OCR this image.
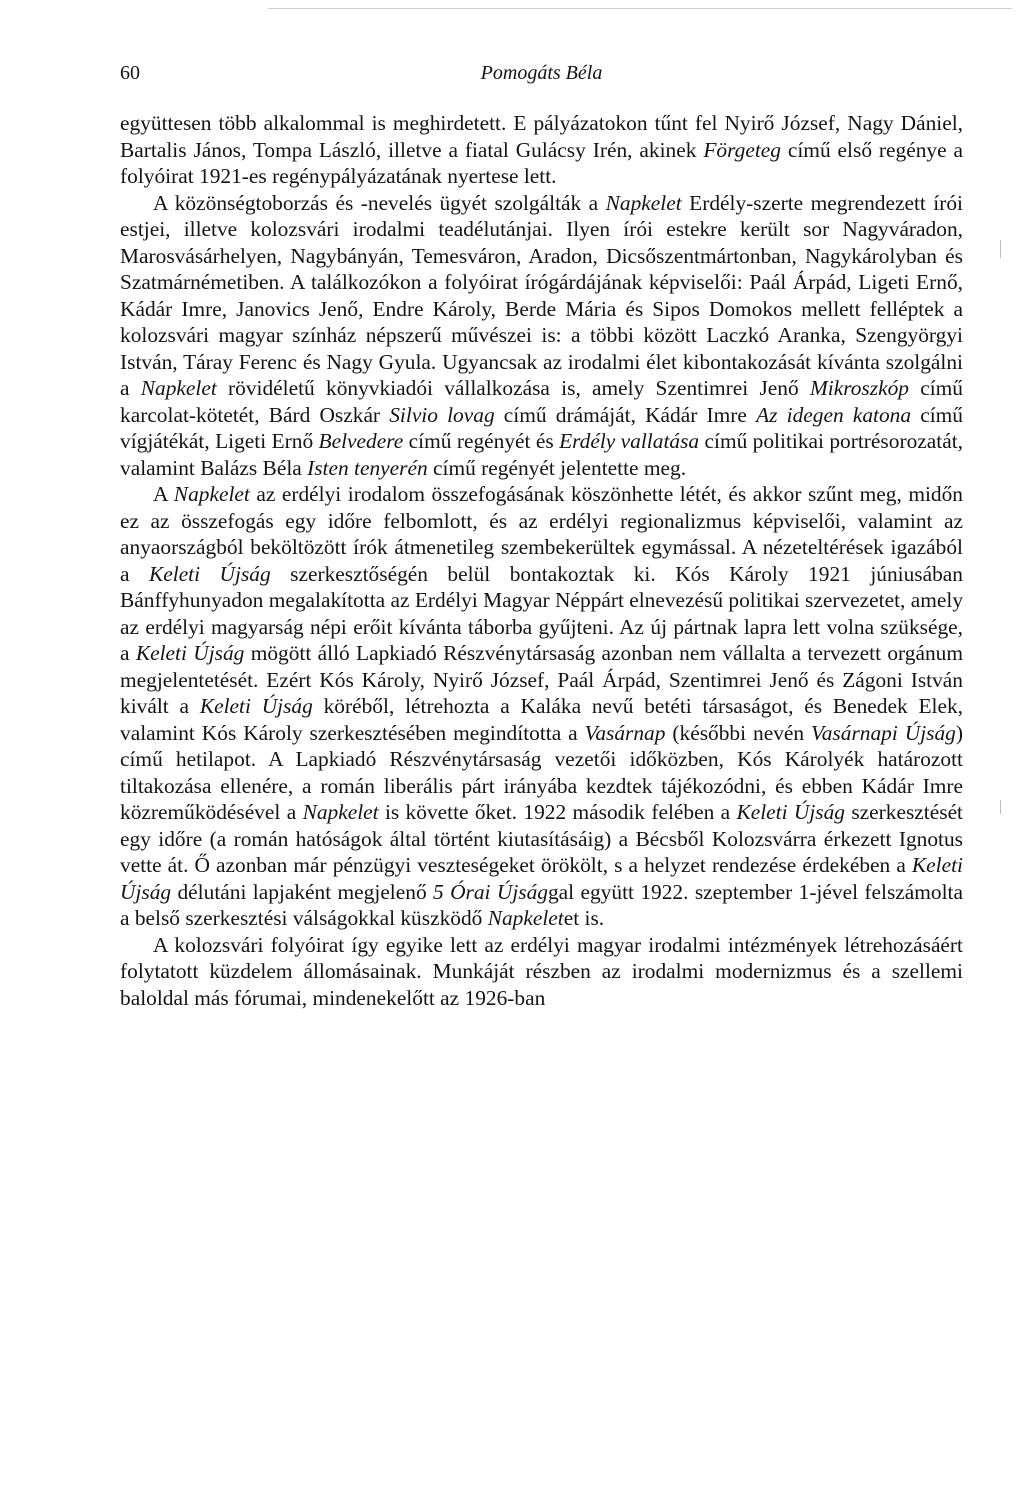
60	Pomogáts Béla

együttesen több alkalommal is meghirdetett. E pályázatokon tűnt fel Nyirő József, Nagy Dániel, Bartalis János, Tompa László, illetve a fiatal Gulácsy Irén, akinek Förgeteg című első regénye a folyóirat 1921-es regénypályázatának nyertese lett.

A közönségtoborzás és -nevelés ügyét szolgálták a Napkelet Erdély-szerte megrendezett írói estjei, illetve kolozsvári irodalmi teadélutánjai. Ilyen írói estekre került sor Nagyváradon, Marosvásárhelyen, Nagybányán, Temesváron, Aradon, Dicsőszentmártonban, Nagykárolyban és Szatmárnémetiben. A találkozókon a folyóirat írógárdájának képviselői: Paál Árpád, Ligeti Ernő, Kádár Imre, Janovics Jenő, Endre Károly, Berde Mária és Sipos Domokos mellett felléptek a kolozsvári magyar színház népszerű művészei is: a többi között Laczkó Aranka, Szengyörgyi István, Táray Ferenc és Nagy Gyula. Ugyancsak az irodalmi élet kibontakozását kívánta szolgálni a Napkelet rövidéletű könyvkiadói vállalkozása is, amely Szentimrei Jenő Mikroszkóp című karcolat-kötetét, Bárd Oszkár Silvio lovag című drámáját, Kádár Imre Az idegen katona című vígjátékát, Ligeti Ernő Belvedere című regényét és Erdély vallatása című politikai portrésorozatát, valamint Balázs Béla Isten tenyerén című regényét jelentette meg.

A Napkelet az erdélyi irodalom összefogásának köszönhette létét, és akkor szűnt meg, midőn ez az összefogás egy időre felbomlott, és az erdélyi regionalizmus képviselői, valamint az anyaországból beköltözött írók átmenetileg szembekerültek egymással. A nézeteltérések igazából a Keleti Újság szerkesztőségén belül bontakoztak ki. Kós Károly 1921 júniusában Bánffyhunyadon megalakította az Erdélyi Magyar Néppárt elnevezésű politikai szervezetet, amely az erdélyi magyarság népi erőit kívánta táborba gyűjteni. Az új pártnak lapra lett volna szüksége, a Keleti Újság mögött álló Lapkiadó Részvénytársaság azonban nem vállalta a tervezett orgánum megjelentetését. Ezért Kós Károly, Nyirő József, Paál Árpád, Szentimrei Jenő és Zágoni István kivált a Keleti Újság köréből, létrehozta a Kaláka nevű betéti társaságot, és Benedek Elek, valamint Kós Károly szerkesztésében megindította a Vasárnap (későbbi nevén Vasárnapi Újság) című hetilapot. A Lapkiadó Részvénytársaság vezetői időközben, Kós Károlyék határozott tiltakozása ellenére, a román liberális párt irányába kezdtek tájékozódni, és ebben Kádár Imre közreműködésével a Napkelet is követte őket. 1922 második felében a Keleti Újság szerkesztését egy időre (a román hatóságok által történt kiutasításáig) a Bécsből Kolozsvárra érkezett Ignotus vette át. Ő azonban már pénzügyi veszteségeket örökölt, s a helyzet rendezése érdekében a Keleti Újság délutáni lapjaként megjelenő 5 Órai Újsággal együtt 1922. szeptember 1-jével felszámolta a belső szerkesztési válságokkal küszködő Napkeletet is.

A kolozsvári folyóirat így egyike lett az erdélyi magyar irodalmi intézmények létrehozásáért folytatott küzdelem állomásainak. Munkáját részben az irodalmi modernizmus és a szellemi baloldal más fórumai, mindenekelőtt az 1926-ban
